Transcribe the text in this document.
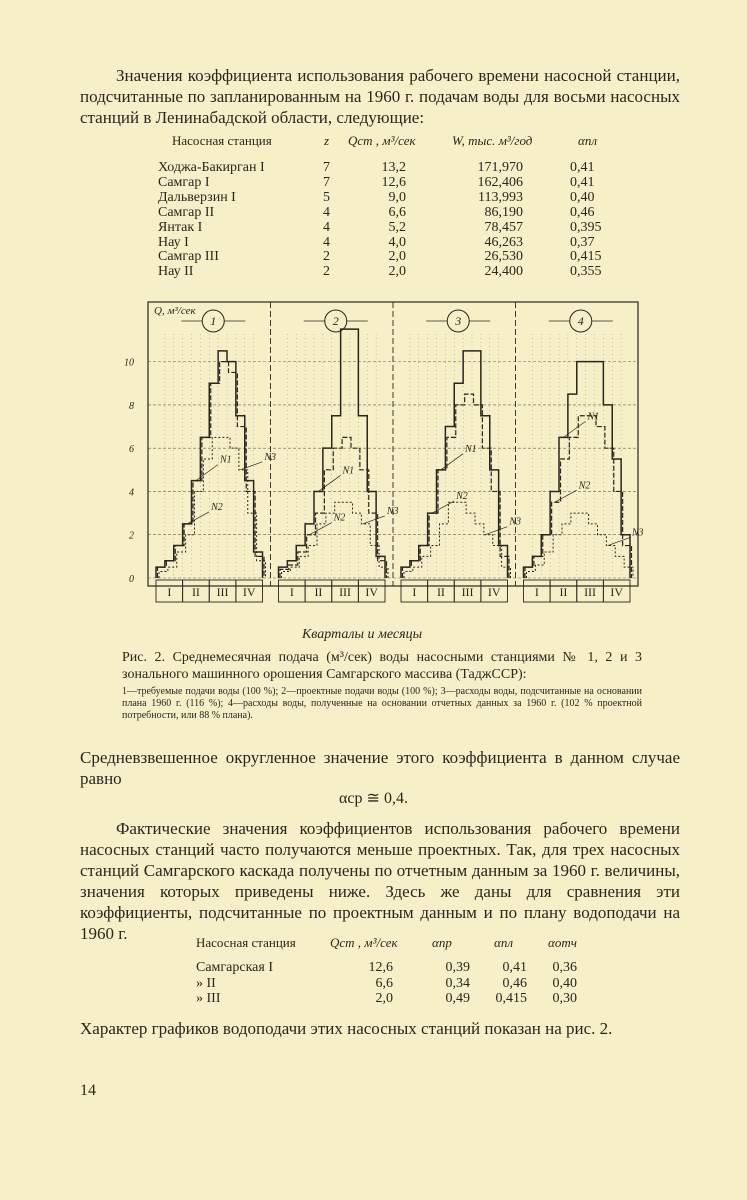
Значения коэффициента использования рабочего времени насосной станции, подсчитанные по запланированным на 1960 г. подачам воды для восьми насосных станций в Ленинабадской области, следующие:
Насосная станция	z Qст , м³/сек	W, тыс. м³/год	αпл
Ходжа-Бакирган I	7	13,2	171,970	0,41
Самгар I	7	12,6	162,406	0,41
Дальверзин I	5	9,0	113,993	0,40
Самгар II	4	6,6	86,190	0,46
Янтак I	4	5,2	78,457	0,395
Нау I	4	4,0	46,263	0,37
Самгар III	2	2,0	26,530	0,415
Нау II	2	2,0	24,400	0,355
10
8
6
4
2
0
Q, м³/сек
I II III IV
1
N1
N2
N3
I II III IV
2
N1
N2
N3
I II III IV
3
N1
N2
N3
I II III IV
4
N1
N2
N3
Кварталы и месяцы
Рис. 2. Среднемесячная подача (м³/сек) воды насосными станциями № 1, 2 и 3 зонального машинного орошения Самгарского массива (ТаджССР):
1—требуемые подачи воды (100 %); 2—проектные подачи воды (100 %); 3—расходы воды, подсчитанные на основании плана 1960 г. (116 %); 4—расходы воды, полученные на основании отчетных данных за 1960 г. (102 % проектной потребности, или 88 % плана).
Средневзвешенное округленное значение этого коэффициента в данном случае равно
αср ≅ 0,4.
Фактические значения коэффициентов использования рабочего времени насосных станций часто получаются меньше проектных. Так, для трех насосных станций Самгарского каскада получены по отчетным данным за 1960 г. величины, значения которых приведены ниже. Здесь же даны для сравнения эти коэффициенты, подсчитанные по проектным данным и по плану водоподачи на 1960 г.	Насосная станция	Qст , м³/сек	αпр	αпл	αотч
Самгарская I	12,6	0,39 0,41 0,36
» II	6,6	0,34 0,46 0,40
» III	2,0	0,49 0,415 0,30
Характер графиков водоподачи этих насосных станций показан на рис. 2.
14
